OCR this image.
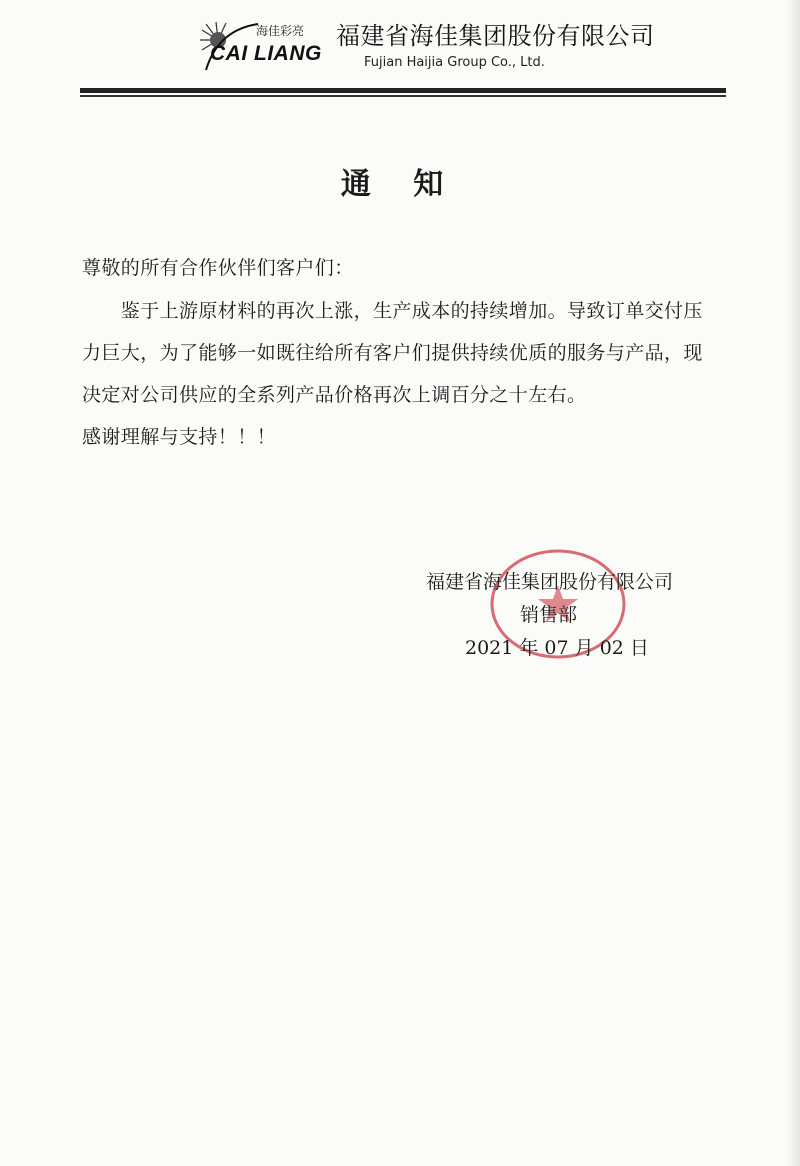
海佳彩亮
CAI LIANG
福建省海佳集团股份有限公司
Fujian Haijia Group Co., Ltd.
通 知
尊敬的所有合作伙伴们客户们：
　　鉴于上游原材料的再次上涨，生产成本的持续增加。导致订单交付压
力巨大，为了能够一如既往给所有客户们提供持续优质的服务与产品，现
决定对公司供应的全系列产品价格再次上调百分之十左右。
感谢理解与支持！！！
福建省海佳集团股份有限公司
销售部
2021 年 07 月 02 日
